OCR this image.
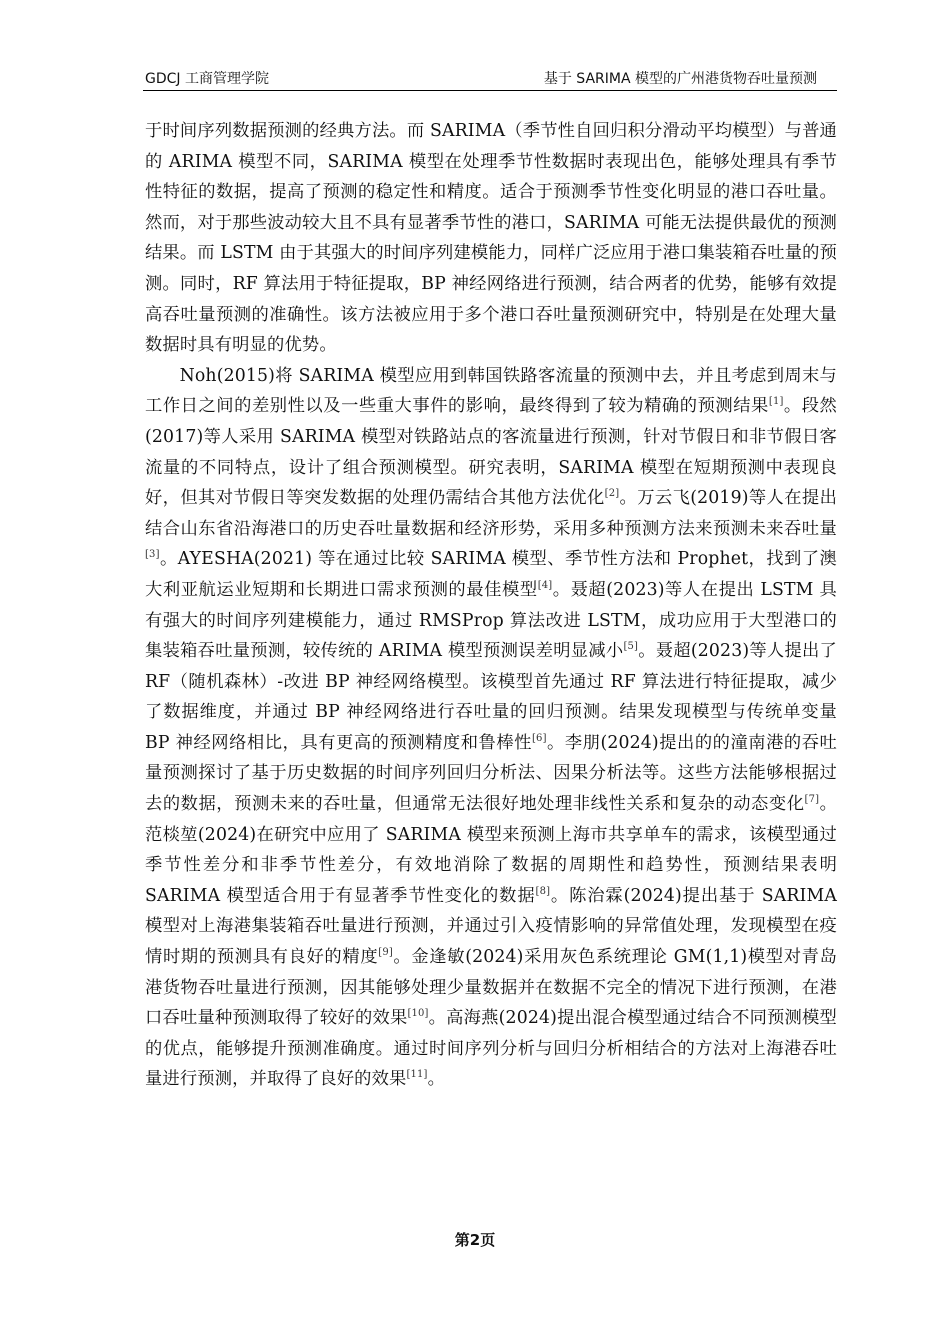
GDCJ 工商管理学院	基于 SARIMA 模型的广州港货物吞吐量预测

于时间序列数据预测的经典方法。而 SARIMA（季节性自回归积分滑动平均模型）与普通的 ARIMA 模型不同，SARIMA 模型在处理季节性数据时表现出色，能够处理具有季节性特征的数据，提高了预测的稳定性和精度。适合于预测季节性变化明显的港口吞吐量。然而，对于那些波动较大且不具有显著季节性的港口，SARIMA 可能无法提供最优的预测结果。而 LSTM 由于其强大的时间序列建模能力，同样广泛应用于港口集装箱吞吐量的预测。同时，RF 算法用于特征提取，BP 神经网络进行预测，结合两者的优势，能够有效提高吞吐量预测的准确性。该方法被应用于多个港口吞吐量预测研究中，特别是在处理大量数据时具有明显的优势。

Noh(2015)将 SARIMA 模型应用到韩国铁路客流量的预测中去，并且考虑到周末与工作日之间的差别性以及一些重大事件的影响，最终得到了较为精确的预测结果[1]。段然(2017)等人采用 SARIMA 模型对铁路站点的客流量进行预测，针对节假日和非节假日客流量的不同特点，设计了组合预测模型。研究表明，SARIMA 模型在短期预测中表现良好，但其对节假日等突发数据的处理仍需结合其他方法优化[2]。万云飞(2019)等人在提出结合山东省沿海港口的历史吞吐量数据和经济形势，采用多种预测方法来预测未来吞吐量[3]。AYESHA(2021) 等在通过比较 SARIMA 模型、季节性方法和 Prophet，找到了澳大利亚航运业短期和长期进口需求预测的最佳模型[4]。聂超(2023)等人在提出 LSTM 具有强大的时间序列建模能力，通过 RMSProp 算法改进 LSTM，成功应用于大型港口的集装箱吞吐量预测，较传统的 ARIMA 模型预测误差明显减小[5]。聂超(2023)等人提出了 RF（随机森林）-改进 BP 神经网络模型。该模型首先通过 RF 算法进行特征提取，减少了数据维度，并通过 BP 神经网络进行吞吐量的回归预测。结果发现模型与传统单变量 BP 神经网络相比，具有更高的预测精度和鲁棒性[6]。李朋(2024)提出的的潼南港的吞吐量预测探讨了基于历史数据的时间序列回归分析法、因果分析法等。这些方法能够根据过去的数据，预测未来的吞吐量，但通常无法很好地处理非线性关系和复杂的动态变化[7]。范棪堃(2024)在研究中应用了 SARIMA 模型来预测上海市共享单车的需求，该模型通过季节性差分和非季节性差分，有效地消除了数据的周期性和趋势性，预测结果表明 SARIMA 模型适合用于有显著季节性变化的数据[8]。陈治霖(2024)提出基于 SARIMA 模型对上海港集装箱吞吐量进行预测，并通过引入疫情影响的异常值处理，发现模型在疫情时期的预测具有良好的精度[9]。金逢敏(2024)采用灰色系统理论 GM(1,1)模型对青岛港货物吞吐量进行预测，因其能够处理少量数据并在数据不完全的情况下进行预测，在港口吞吐量种预测取得了较好的效果[10]。高海燕(2024)提出混合模型通过结合不同预测模型的优点，能够提升预测准确度。通过时间序列分析与回归分析相结合的方法对上海港吞吐量进行预测，并取得了良好的效果[11]。

第2页
